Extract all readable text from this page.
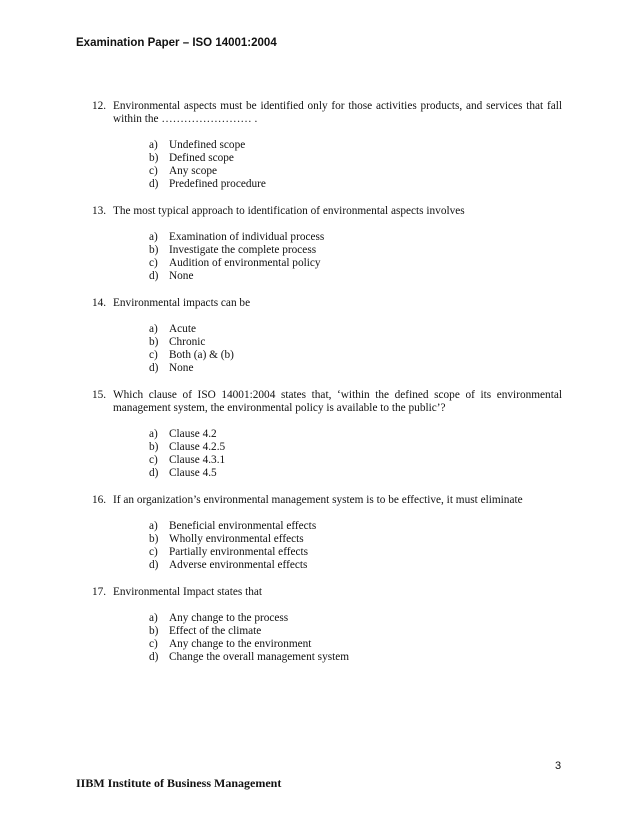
Examination Paper – ISO 14001:2004
12. Environmental aspects must be identified only for those activities products, and services that fall within the …………………… .
a) Undefined scope
b) Defined scope
c) Any scope
d) Predefined procedure
13. The most typical approach to identification of environmental aspects involves
a) Examination of individual process
b) Investigate the complete process
c) Audition of environmental policy
d) None
14. Environmental impacts can be
a) Acute
b) Chronic
c) Both (a) & (b)
d) None
15. Which clause of ISO 14001:2004 states that, ‘within the defined scope of its environmental management system, the environmental policy is available to the public’?
a) Clause 4.2
b) Clause 4.2.5
c) Clause 4.3.1
d) Clause 4.5
16. If an organization’s environmental management system is to be effective, it must eliminate
a) Beneficial environmental effects
b) Wholly environmental effects
c) Partially environmental effects
d) Adverse environmental effects
17. Environmental Impact states that
a) Any change to the process
b) Effect of the climate
c) Any change to the environment
d) Change the overall management system
3
IIBM Institute of Business Management
